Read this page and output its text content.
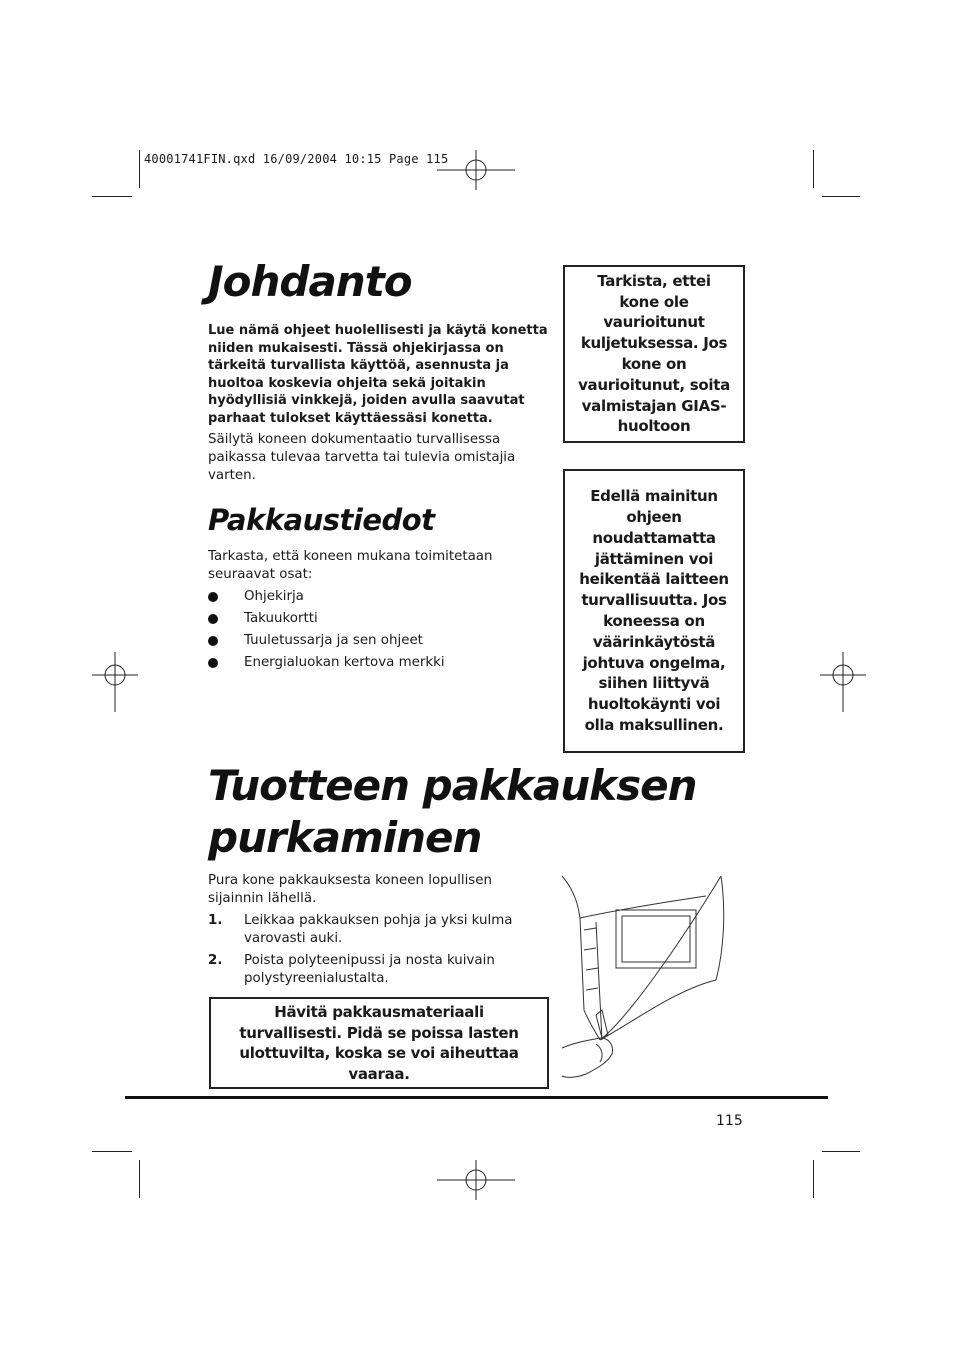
40001741FIN.qxd 16/09/2004 10:15 Page 115
Johdanto

Lue nämä ohjeet huolellisesti ja käytä konetta niiden mukaisesti. Tässä ohjekirjassa on tärkeitä turvallista käyttöä, asennusta ja huoltoa koskevia ohjeita sekä joitakin hyödyllisiä vinkkejä, joiden avulla saavutat parhaat tulokset käyttäessäsi konetta.

Säilytä koneen dokumentaatio turvallisessa paikassa tulevaa tarvetta tai tulevia omistajia varten.

Pakkaustiedot

Tarkasta, että koneen mukana toimitetaan seuraavat osat:

Ohjekirja
Takuukortti
Tuuletussarja ja sen ohjeet
Energialuokan kertova merkki
Tarkista, ettei kone ole vaurioitunut kuljetuksessa. Jos kone on vaurioitunut, soita valmistajan GIAS-huoltoon
Edellä mainitun ohjeen noudattamatta jättäminen voi heikentää laitteen turvallisuutta. Jos koneessa on väärinkäytöstä johtuva ongelma, siihen liittyvä huoltokäynti voi olla maksullinen.
Tuotteen pakkauksen
purkaminen

Pura kone pakkauksesta koneen lopullisen sijainnin lähellä.

1. Leikkaa pakkauksen pohja ja yksi kulma varovasti auki.
2. Poista polyteenipussi ja nosta kuivain polystyreenialustalta.
Hävitä pakkausmateriaali turvallisesti. Pidä se poissa lasten ulottuvilta, koska se voi aiheuttaa vaaraa.
115
